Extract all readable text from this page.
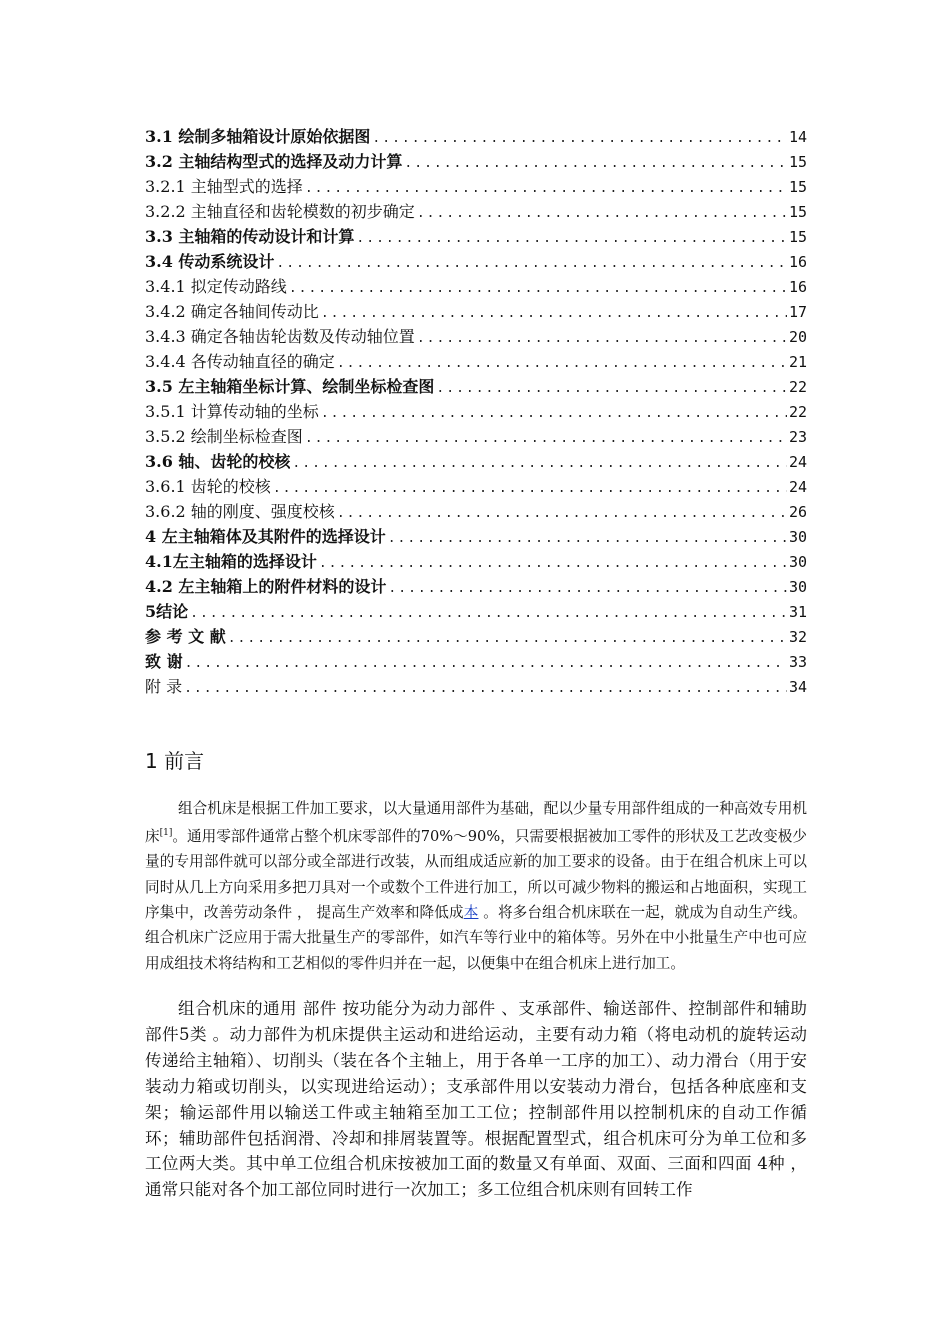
3.1 绘制多轴箱设计原始依据图 .....	14
3.2 主轴结构型式的选择及动力计算 .....	15
3.2.1 主轴型式的选择 .....	15
3.2.2 主轴直径和齿轮模数的初步确定 .....	15
3.3 主轴箱的传动设计和计算 .....	15
3.4 传动系统设计 .....	16
3.4.1 拟定传动路线 .....	16
3.4.2 确定各轴间传动比 .....	17
3.4.3 确定各轴齿轮齿数及传动轴位置 .....	20
3.4.4 各传动轴直径的确定 .....	21
3.5 左主轴箱坐标计算、绘制坐标检查图 .....	22
3.5.1 计算传动轴的坐标 .....	22
3.5.2 绘制坐标检查图 .....	23
3.6 轴、齿轮的校核 .....	24
3.6.1 齿轮的校核 .....	24
3.6.2 轴的刚度、强度校核 .....	26
4 左主轴箱体及其附件的选择设计 .....	30
4.1左主轴箱的选择设计 .....	30
4.2 左主轴箱上的附件材料的设计 .....	30
5结论 .....	31
参 考 文 献 .....	32
致 谢 .....	33
附 录 .....	34
1 前言
组合机床是根据工件加工要求，以大量通用部件为基础，配以少量专用部件组成的一种高效专用机床[1]。通用零部件通常占整个机床零部件的70%～90%，只需要根据被加工零件的形状及工艺改变极少量的专用部件就可以部分或全部进行改装，从而组成适应新的加工要求的设备。由于在组合机床上可以同时从几上方向采用多把刀具对一个或数个工件进行加工，所以可减少物料的搬运和占地面积，实现工序集中，改善劳动条件 ， 提高生产效率和降低成本 。将多台组合机床联在一起，就成为自动生产线。组合机床广泛应用于需大批量生产的零部件，如汽车等行业中的箱体等。另外在中小批量生产中也可应用成组技术将结构和工艺相似的零件归并在一起，以便集中在组合机床上进行加工。
组合机床的通用 部件 按功能分为动力部件 、支承部件、输送部件、控制部件和辅助部件5类 。动力部件为机床提供主运动和进给运动，主要有动力箱（将电动机的旋转运动传递给主轴箱）、切削头（装在各个主轴上，用于各单一工序的加工）、动力滑台（用于安装动力箱或切削头，以实现进给运动）；支承部件用以安装动力滑台，包括各种底座和支架；输运部件用以输送工件或主轴箱至加工工位；控制部件用以控制机床的自动工作循环；辅助部件包括润滑、冷却和排屑装置等。根据配置型式，组合机床可分为单工位和多工位两大类。其中单工位组合机床按被加工面的数量又有单面、双面、三面和四面 4种 ，通常只能对各个加工部位同时进行一次加工；多工位组合机床则有回转工作
